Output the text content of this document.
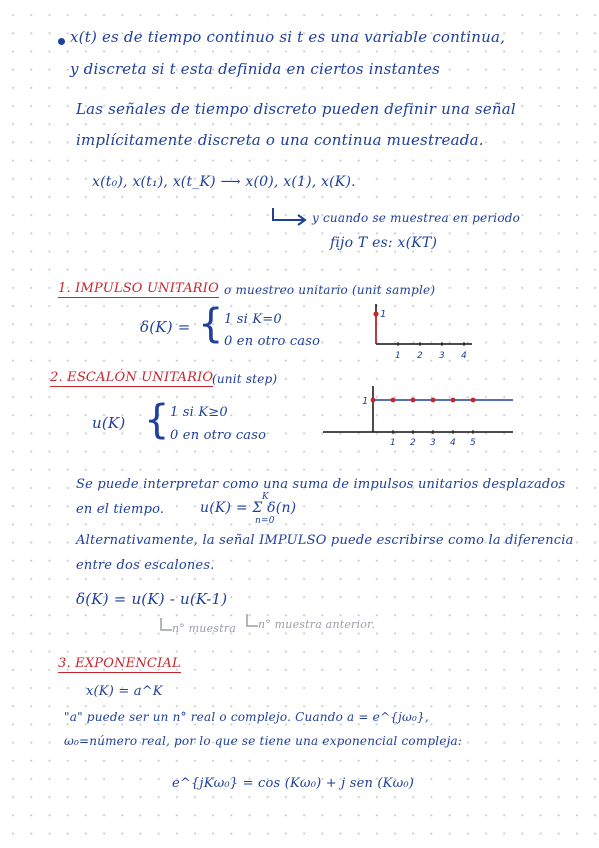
x(t) es de tiempo continuo si t es una variable continua,
y discreta si t esta definida en ciertos instantes
Las señales de tiempo discreto pueden definir una señal
implícitamente discreta o una continua muestreada.
x(t₀), x(t₁), x(t_K) ⟶ x(0), x(1), x(K).
y cuando se muestrea en periodo
fijo T es: x(KT)
1. IMPULSO UNITARIO o muestreo unitario (unit sample)
δ(K) = { 1 si K=0
0 en otro caso
1
1 2 3 4
2. ESCALÓN UNITARIO
(unit step)
u(K) { 1 si K≥0
0 en otro caso
1
1 2 3 4 5
Se puede interpretar como una suma de impulsos unitarios desplazados
en el tiempo.	u(K) = Σ δ(n)
K
n=0
Alternativamente, la señal IMPULSO puede escribirse como la diferencia
entre dos escalones.
δ(K) = u(K) - u(K-1)
n° muestra n° muestra anterior.
3. EXPONENCIAL
x(K) = a^K
"a" puede ser un n° real o complejo. Cuando a = e^{jω₀},
ω₀=número real, por lo que se tiene una exponencial compleja:
e^{jKω₀} = cos (Kω₀) + j sen (Kω₀)
